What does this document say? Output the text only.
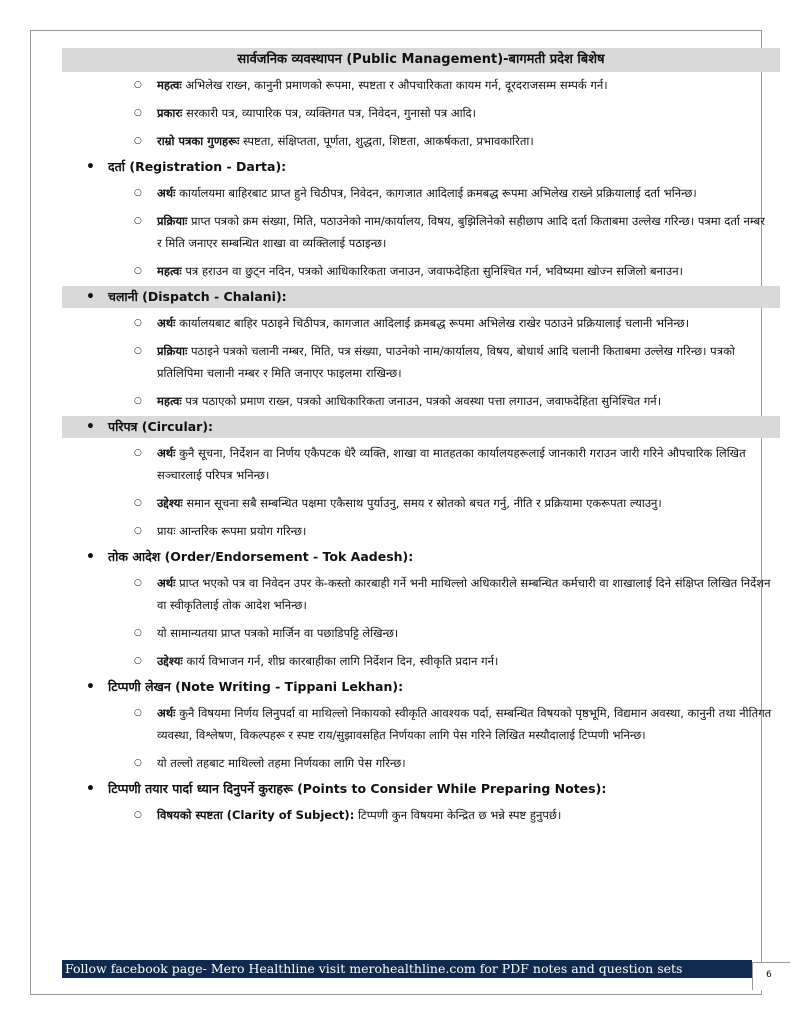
सार्वजनिक व्यवस्थापन (Public Management)-बागमती प्रदेश बिशेष

○ महत्वः अभिलेख राख्न, कानुनी प्रमाणको रूपमा, स्पष्टता र औपचारिकता कायम गर्न, दूरदराजसम्म सम्पर्क गर्न।

○ प्रकारः सरकारी पत्र, व्यापारिक पत्र, व्यक्तिगत पत्र, निवेदन, गुनासो पत्र आदि।

○ राम्रो पत्रका गुणहरूः स्पष्टता, संक्षिप्तता, पूर्णता, शुद्धता, शिष्टता, आकर्षकता, प्रभावकारिता।

• दर्ता (Registration - Darta):

○ अर्थः कार्यालयमा बाहिरबाट प्राप्त हुने चिठीपत्र, निवेदन, कागजात आदिलाई क्रमबद्ध रूपमा अभिलेख राख्ने प्रक्रियालाई दर्ता भनिन्छ।

○ प्रक्रियाः प्राप्त पत्रको क्रम संख्या, मिति, पठाउनेको नाम/कार्यालय, विषय, बुझिलिनेको सहीछाप आदि दर्ता किताबमा उल्लेख गरिन्छ। पत्रमा दर्ता नम्बर र मिति जनाएर सम्बन्धित शाखा वा व्यक्तिलाई पठाइन्छ।

○ महत्वः पत्र हराउन वा छुट्न नदिन, पत्रको आधिकारिकता जनाउन, जवाफदेहिता सुनिश्चित गर्न, भविष्यमा खोज्न सजिलो बनाउन।

• चलानी (Dispatch - Chalani):

○ अर्थः कार्यालयबाट बाहिर पठाइने चिठीपत्र, कागजात आदिलाई क्रमबद्ध रूपमा अभिलेख राखेर पठाउने प्रक्रियालाई चलानी भनिन्छ।

○ प्रक्रियाः पठाइने पत्रको चलानी नम्बर, मिति, पत्र संख्या, पाउनेको नाम/कार्यालय, विषय, बोधार्थ आदि चलानी किताबमा उल्लेख गरिन्छ। पत्रको प्रतिलिपिमा चलानी नम्बर र मिति जनाएर फाइलमा राखिन्छ।

○ महत्वः पत्र पठाएको प्रमाण राख्न, पत्रको आधिकारिकता जनाउन, पत्रको अवस्था पत्ता लगाउन, जवाफदेहिता सुनिश्चित गर्न।

• परिपत्र (Circular):

○ अर्थः कुनै सूचना, निर्देशन वा निर्णय एकैपटक धेरै व्यक्ति, शाखा वा मातहतका कार्यालयहरूलाई जानकारी गराउन जारी गरिने औपचारिक लिखित सञ्चारलाई परिपत्र भनिन्छ।

○ उद्देश्यः समान सूचना सबै सम्बन्धित पक्षमा एकैसाथ पुर्याउनु, समय र स्रोतको बचत गर्नु, नीति र प्रक्रियामा एकरूपता ल्याउनु।

○ प्रायः आन्तरिक रूपमा प्रयोग गरिन्छ।

• तोक आदेश (Order/Endorsement - Tok Aadesh):

○ अर्थः प्राप्त भएको पत्र वा निवेदन उपर के-कस्तो कारबाही गर्ने भनी माथिल्लो अधिकारीले सम्बन्धित कर्मचारी वा शाखालाई दिने संक्षिप्त लिखित निर्देशन वा स्वीकृतिलाई तोक आदेश भनिन्छ।

○ यो सामान्यतया प्राप्त पत्रको मार्जिन वा पछाडिपट्टि लेखिन्छ।

○ उद्देश्यः कार्य विभाजन गर्न, शीघ्र कारबाहीका लागि निर्देशन दिन, स्वीकृति प्रदान गर्न।

• टिप्पणी लेखन (Note Writing - Tippani Lekhan):

○ अर्थः कुनै विषयमा निर्णय लिनुपर्दा वा माथिल्लो निकायको स्वीकृति आवश्यक पर्दा, सम्बन्धित विषयको पृष्ठभूमि, विद्यमान अवस्था, कानुनी तथा नीतिगत व्यवस्था, विश्लेषण, विकल्पहरू र स्पष्ट राय/सुझावसहित निर्णयका लागि पेस गरिने लिखित मस्यौदालाई टिप्पणी भनिन्छ।

○ यो तल्लो तहबाट माथिल्लो तहमा निर्णयका लागि पेस गरिन्छ।

• टिप्पणी तयार पार्दा ध्यान दिनुपर्ने कुराहरू (Points to Consider While Preparing Notes):

○ विषयको स्पष्टता (Clarity of Subject): टिप्पणी कुन विषयमा केन्द्रित छ भन्ने स्पष्ट हुनुपर्छ।

Follow facebook page- Mero Healthline visit merohealthline.com for PDF notes and question sets	6
